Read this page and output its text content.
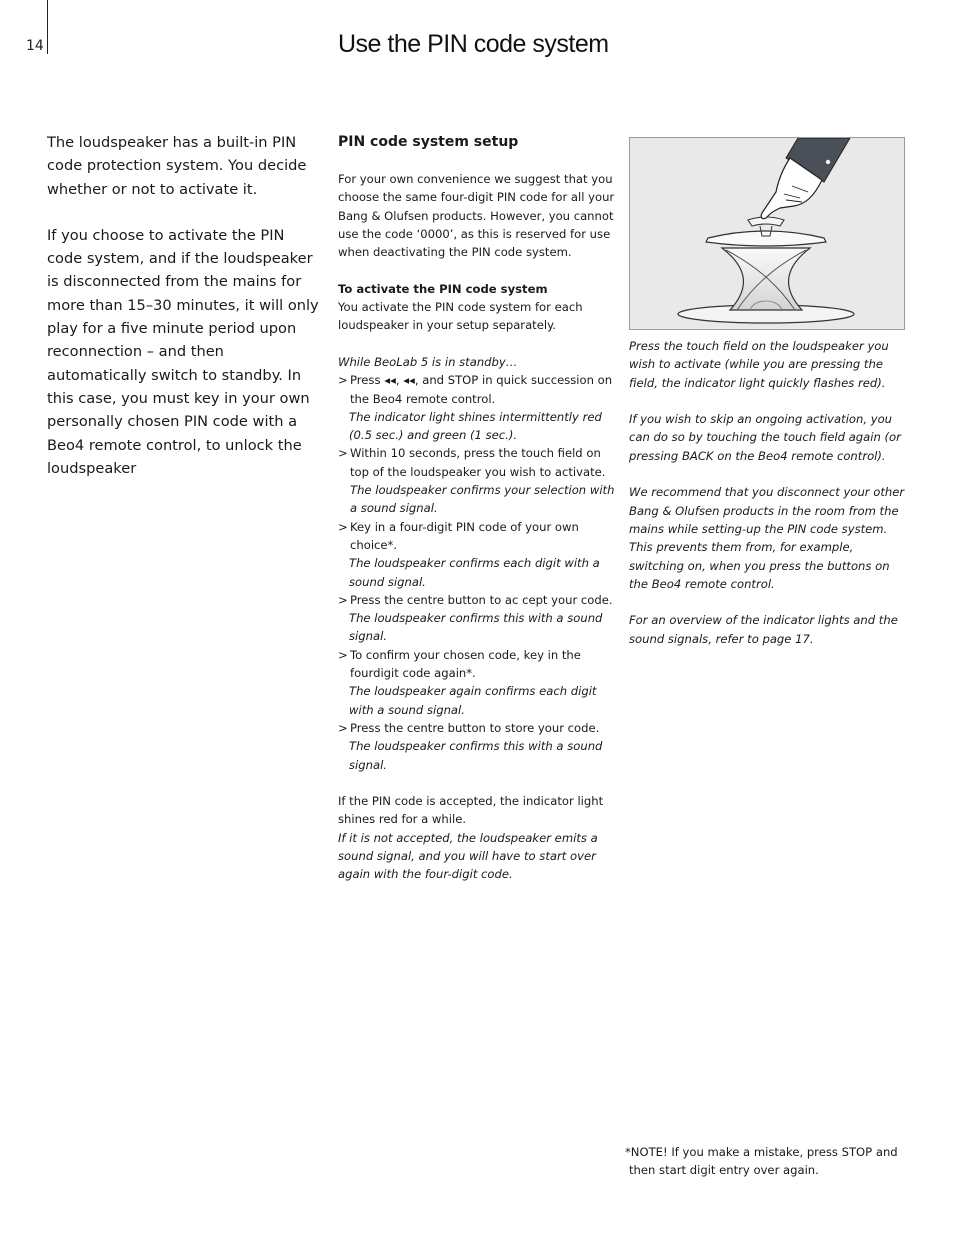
14	Use the PIN code system

The loudspeaker has a built-in PIN code protection system. You decide whether or not to activate it.

If you choose to activate the PIN code system, and if the loudspeaker is disconnected from the mains for more than 15–30 minutes, it will only play for a five minute period upon reconnection – and then automatically switch to standby. In this case, you must key in your own personally chosen PIN code with a Beo4 remote control, to unlock the loudspeaker

PIN code system setup

For your own convenience we suggest that you choose the same four-digit PIN code for all your Bang & Olufsen products. However, you cannot use the code ‘0000’, as this is reserved for use when deactivating the PIN code system.

To activate the PIN code system

You activate the PIN code system for each loudspeaker in your setup separately.

While BeoLab 5 is in standby…

> Press ◂◂, ◂◂, and STOP in quick succession on the Beo4 remote control.

The indicator light shines intermittently red (0.5 sec.) and green (1 sec.).

> Within 10 seconds, press the touch field on top of the loudspeaker you wish to activate. The loudspeaker confirms your selection with a sound signal.
> Key in a four-digit PIN code of your own choice*.

The loudspeaker confirms each digit with a sound signal.

> Press the centre button to ac cept your code.

The loudspeaker confirms this with a sound signal.

> To confirm your chosen code, key in the fourdigit code again*.

The loudspeaker again confirms each digit with a sound signal.

> Press the centre button to store your code.

The loudspeaker confirms this with a sound signal.

If the PIN code is accepted, the indicator light shines red for a while.

If it is not accepted, the loudspeaker emits a sound signal, and you will have to start over again with the four-digit code.

Press the touch field on the loudspeaker you wish to activate (while you are pressing the field, the indicator light quickly flashes red).

If you wish to skip an ongoing activation, you can do so by touching the touch field again (or pressing BACK on the Beo4 remote control).

We recommend that you disconnect your other Bang & Olufsen products in the room from the mains while setting-up the PIN code system. This prevents them from, for example, switching on, when you press the buttons on the Beo4 remote control.

For an overview of the indicator lights and the sound signals, refer to page 17.

*NOTE! If you make a mistake, press STOP and

then start digit entry over again.
